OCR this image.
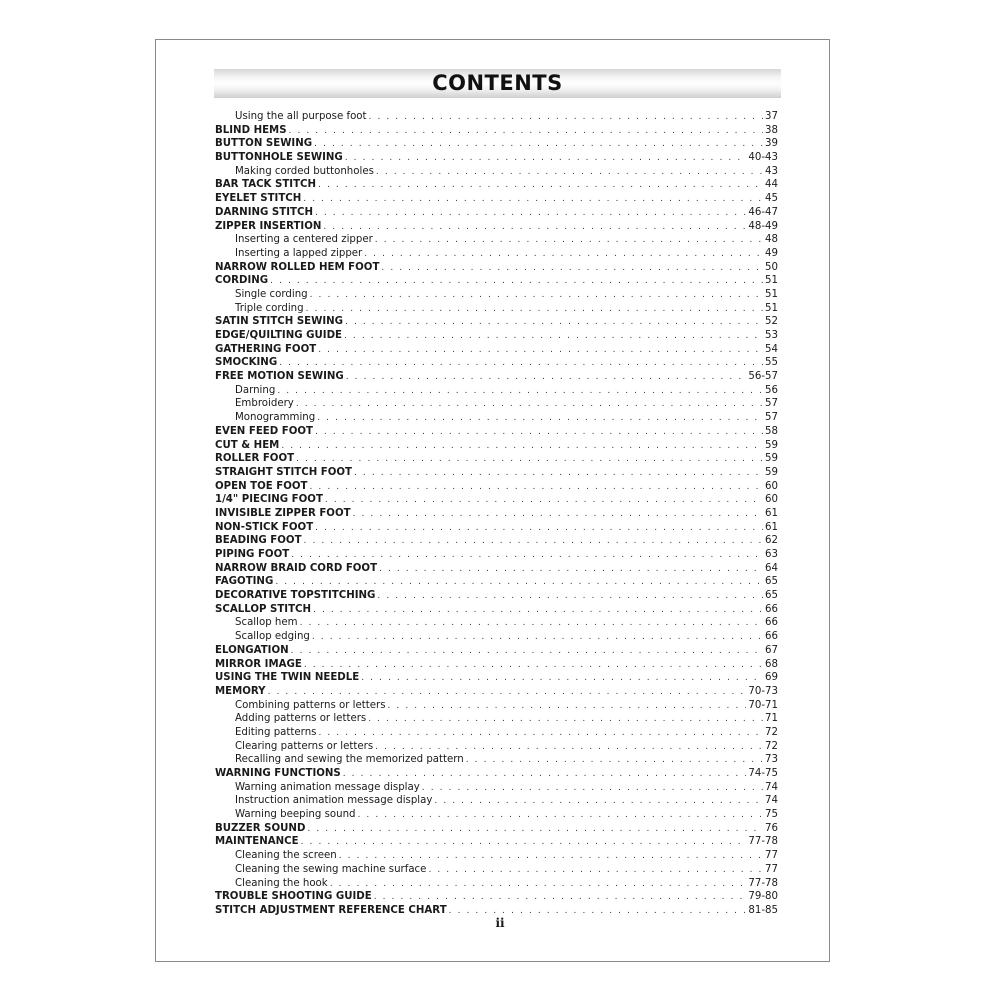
CONTENTS
Using the all purpose foot . . .	37
BLIND HEMS . . .	38
BUTTON SEWING . . .	39
BUTTONHOLE SEWING . . .	40-43
Making corded buttonholes . . .	43
BAR TACK STITCH . . .	44
EYELET STITCH . . .	45
DARNING STITCH . . .	46-47
ZIPPER INSERTION . . .	48-49
Inserting a centered zipper . . .	48
Inserting a lapped zipper . . .	49
NARROW ROLLED HEM FOOT . . .	50
CORDING . . .	51
Single cording . . .	51
Triple cording . . .	51
SATIN STITCH SEWING . . .	52
EDGE/QUILTING GUIDE . . .	53
GATHERING FOOT . . .	54
SMOCKING . . .	55
FREE MOTION SEWING . . .	56-57
Darning . . .	56
Embroidery . . .	57
Monogramming . . .	57
EVEN FEED FOOT . . .	58
CUT & HEM . . .	59
ROLLER FOOT . . .	59
STRAIGHT STITCH FOOT . . .	59
OPEN TOE FOOT . . .	60
1/4" PIECING FOOT . . .	60
INVISIBLE ZIPPER FOOT . . .	61
NON-STICK FOOT . . .	61
BEADING FOOT . . .	62
PIPING FOOT . . .	63
NARROW BRAID CORD FOOT . . .	64
FAGOTING . . .	65
DECORATIVE TOPSTITCHING . . .	65
SCALLOP STITCH . . .	66
Scallop hem . . .	66
Scallop edging . . .	66
ELONGATION . . .	67
MIRROR IMAGE . . .	68
USING THE TWIN NEEDLE . . .	69
MEMORY . . .	70-73
Combining patterns or letters . . .	70-71
Adding patterns or letters . . .	71
Editing patterns . . .	72
Clearing patterns or letters . . .	72
Recalling and sewing the memorized pattern . . .	73
WARNING FUNCTIONS . . .	74-75
Warning animation message display . . .	74
Instruction animation message display . . .	74
Warning beeping sound . . .	75
BUZZER SOUND . . .	76
MAINTENANCE . . .	77-78
Cleaning the screen . . .	77
Cleaning the sewing machine surface . . .	77
Cleaning the hook . . .	77-78
TROUBLE SHOOTING GUIDE . . .	79-80
STITCH ADJUSTMENT REFERENCE CHART . . .	81-85
ii
